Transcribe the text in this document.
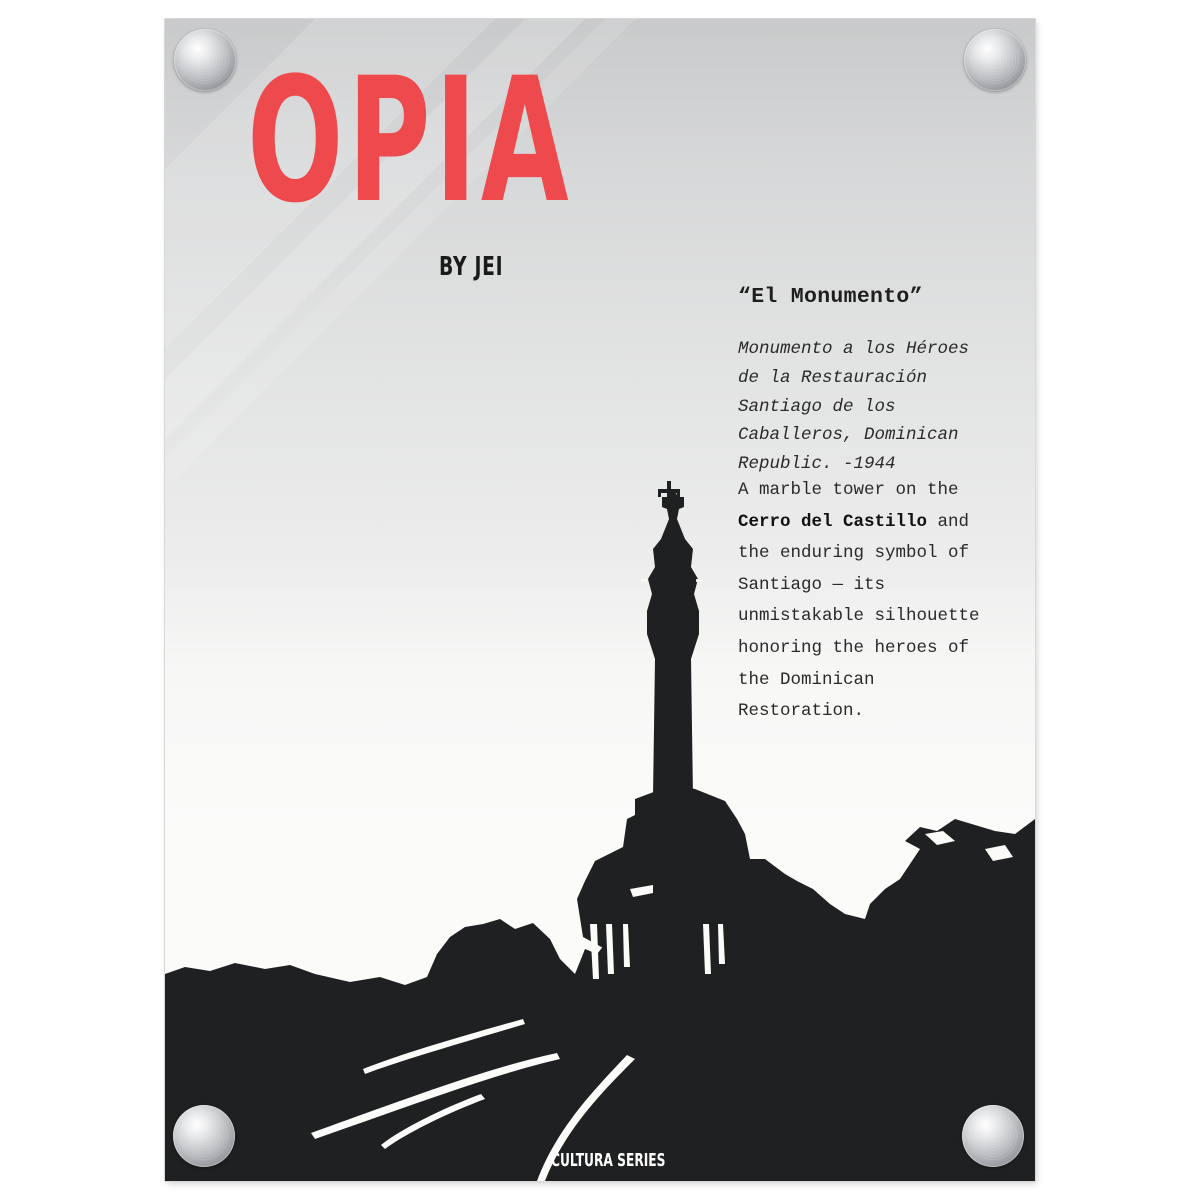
OPIA
BY JEI
“El Monumento”

Monumento a los Héroes
de la Restauración
Santiago de los
Caballeros, Dominican
Republic. -1944

A marble tower on the
Cerro del Castillo and
the enduring symbol of
Santiago — its
unmistakable silhouette
honoring the heroes of
the Dominican
Restoration.

CULTURA SERIES
